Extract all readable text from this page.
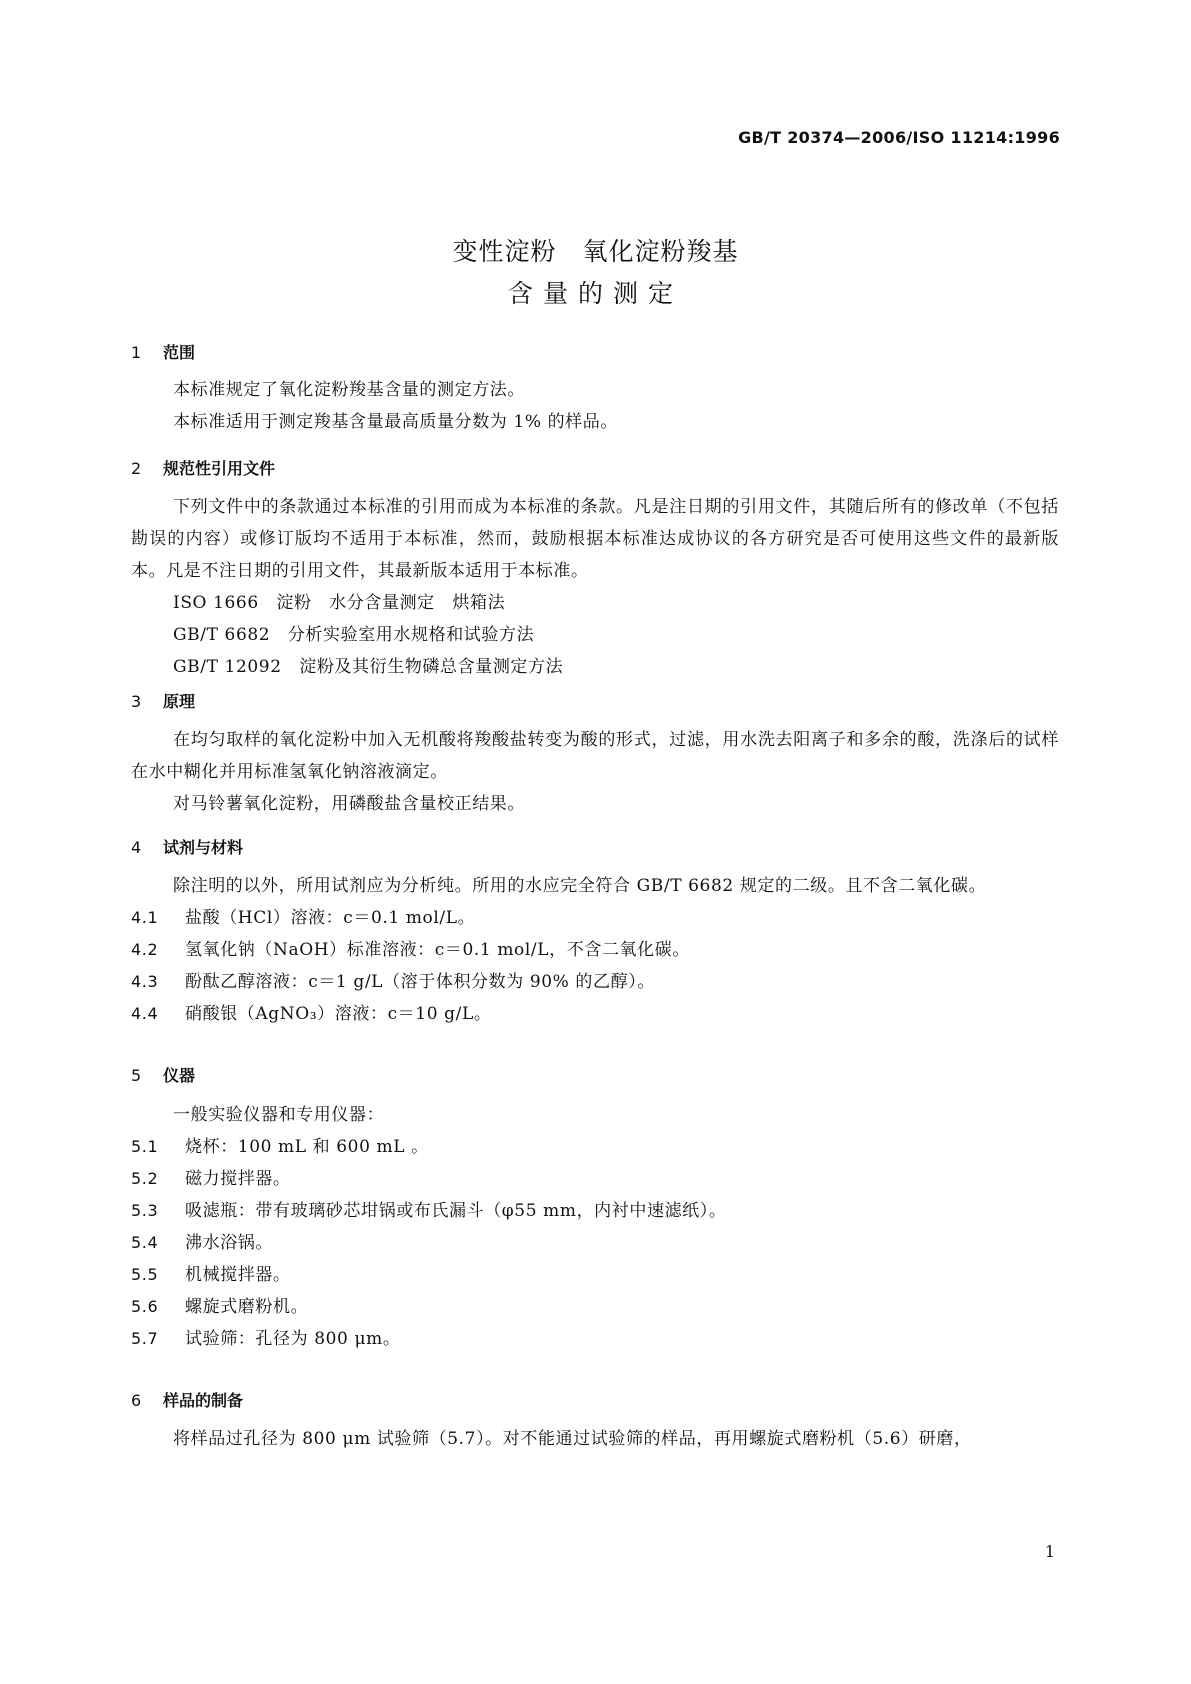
GB/T 20374—2006/ISO 11214:1996
变性淀粉　氧化淀粉羧基
含量的测定
1 范围
本标准规定了氧化淀粉羧基含量的测定方法。
本标准适用于测定羧基含量最高质量分数为 1% 的样品。
2 规范性引用文件
下列文件中的条款通过本标准的引用而成为本标准的条款。凡是注日期的引用文件，其随后所有的修改单（不包括勘误的内容）或修订版均不适用于本标准，然而，鼓励根据本标准达成协议的各方研究是否可使用这些文件的最新版本。凡是不注日期的引用文件，其最新版本适用于本标准。
ISO 1666　淀粉　水分含量测定　烘箱法
GB/T 6682　分析实验室用水规格和试验方法
GB/T 12092　淀粉及其衍生物磷总含量测定方法
3 原理
在均匀取样的氧化淀粉中加入无机酸将羧酸盐转变为酸的形式，过滤，用水洗去阳离子和多余的酸，洗涤后的试样在水中糊化并用标准氢氧化钠溶液滴定。
对马铃薯氧化淀粉，用磷酸盐含量校正结果。
4 试剂与材料
除注明的以外，所用试剂应为分析纯。所用的水应完全符合 GB/T 6682 规定的二级。且不含二氧化碳。
4.1 盐酸（HCl）溶液：c＝0.1 mol/L。
4.2 氢氧化钠（NaOH）标准溶液：c＝0.1 mol/L，不含二氧化碳。
4.3 酚酞乙醇溶液：c＝1 g/L（溶于体积分数为 90% 的乙醇）。
4.4 硝酸银（AgNO₃）溶液：c＝10 g/L。
5 仪器
一般实验仪器和专用仪器：
5.1 烧杯：100 mL 和 600 mL 。
5.2 磁力搅拌器。
5.3 吸滤瓶：带有玻璃砂芯坩锅或布氏漏斗（φ55 mm，内衬中速滤纸）。
5.4 沸水浴锅。
5.5 机械搅拌器。
5.6 螺旋式磨粉机。
5.7 试验筛：孔径为 800 μm。
6 样品的制备
将样品过孔径为 800 μm 试验筛（5.7）。对不能通过试验筛的样品，再用螺旋式磨粉机（5.6）研磨，
1
